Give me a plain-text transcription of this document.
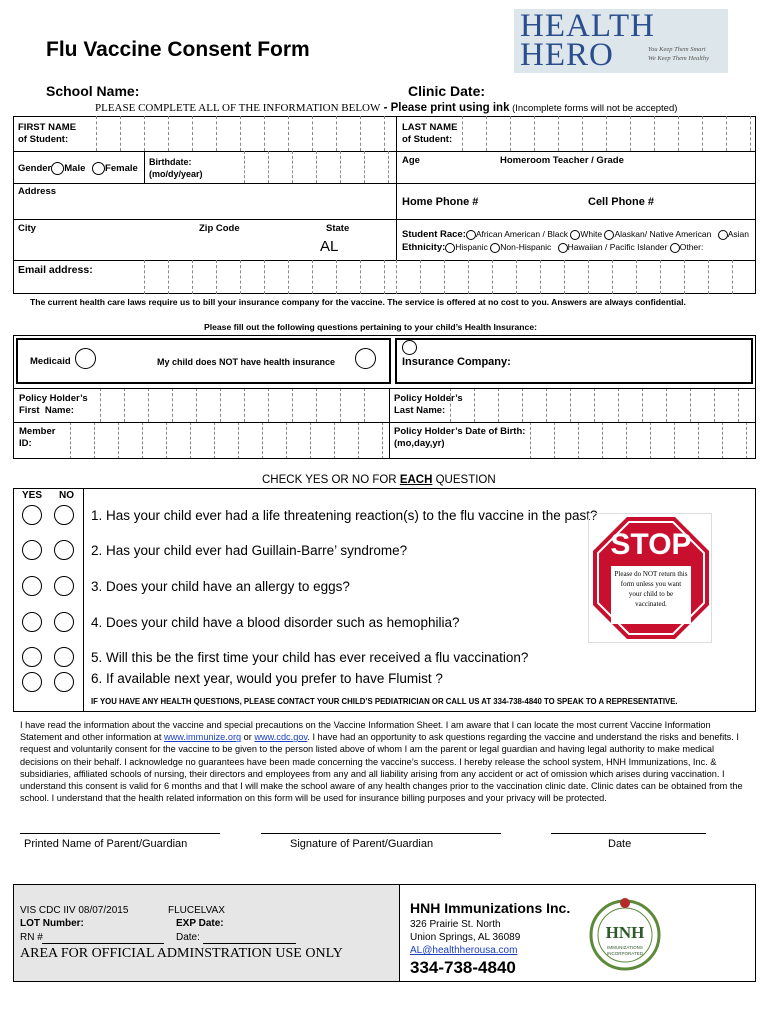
Flu Vaccine Consent Form
HEALTH
HERO	You Keep Them Smart
We Keep Them Healthy
School Name:	Clinic Date:
PLEASE COMPLETE ALL OF THE INFORMATION BELOW - Please print using ink (Incomplete forms will not be accepted)
FIRST NAME
of Student:
LAST NAME
of Student:
Gender Male Female
Birthdate:
(mo/dy/year)
Age	Homeroom Teacher / Grade
Address
Home Phone #	Cell Phone #
City	Zip Code	State
AL
Student Race: African American / Black White Alaskan/ Native American Asian
Ethnicity: Hispanic Non-Hispanic Hawaiian / Pacific Islander Other:
Email address:
The current health care laws require us to bill your insurance company for the vaccine. The service is offered at no cost to you. Answers are always confidential.
Please fill out the following questions pertaining to your child’s Health Insurance:
Medicaid	My child does NOT have health insurance	Insurance Company:
Policy Holder’s
First  Name:
Policy Holder’s
Last Name:
Member
ID:
Policy Holder’s Date of Birth:
(mo,day,yr)
CHECK YES OR NO FOR EACH QUESTION
YES NO
1. Has your child ever had a life threatening reaction(s) to the flu vaccine in the past?
2. Has your child ever had Guillain-Barre’ syndrome?
3. Does your child have an allergy to eggs?
4. Does your child have a blood disorder such as hemophilia?
5. Will this be the first time your child has ever received a flu vaccination?
6. If available next year, would you prefer to have Flumist ?
IF YOU HAVE ANY HEALTH QUESTIONS, PLEASE CONTACT YOUR CHILD’S PEDIATRICIAN OR CALL US AT 334-738-4840 TO SPEAK TO A REPRESENTATIVE.
STOP
Please do NOT return this form unless you want your child to be vaccinated.
I have read the information about the vaccine and special precautions on the Vaccine Information Sheet. I am aware that I can locate the most current Vaccine Information Statement and other information at www.immunize.org or www.cdc.gov. I have had an opportunity to ask questions regarding the vaccine and understand the risks and benefits. I request and voluntarily consent for the vaccine to be given to the person listed above of whom I am the parent or legal guardian and having legal authority to make medical decisions on their behalf. I acknowledge no guarantees have been made concerning the vaccine’s success. I hereby release the school system, HNH Immunizations, Inc. & subsidiaries, affiliated schools of nursing, their directors and employees from any and all liability arising from any accident or act of omission which arises during vaccination. I understand this consent is valid for 6 months and that I will make the school aware of any health changes prior to the vaccination clinic date. Clinic dates can be obtained from the school. I understand that the health related information on this form will be used for insurance billing purposes and your privacy will be protected.
Printed Name of Parent/Guardian	Signature of Parent/Guardian	Date
VIS CDC IIV 08/07/2015	FLUCELVAX
LOT Number:	EXP Date:
RN #	Date:
AREA FOR OFFICIAL ADMINSTRATION USE ONLY
HNH Immunizations Inc.
326 Prairie St. North
Union Springs, AL 36089
AL@healthherousa.com
334-738-4840
HNH
IMMUNIZATIONS INCORPORATED
